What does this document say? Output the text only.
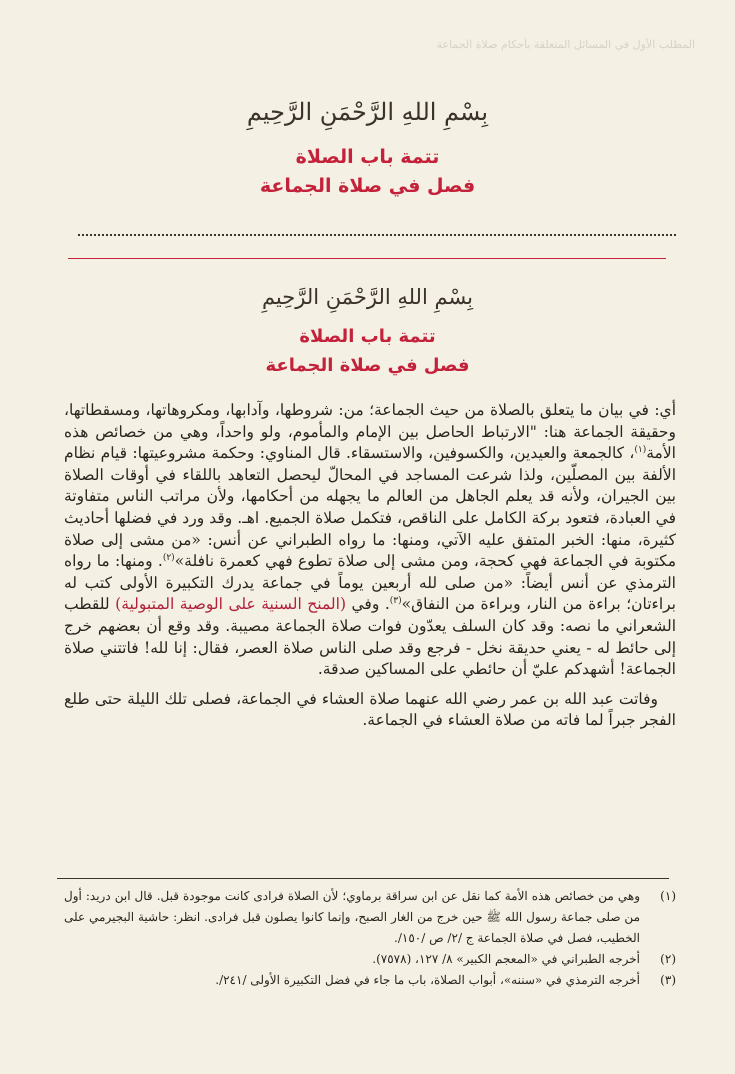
المطلب الأول في المسائل المتعلقة بأحكام صلاة الجماعة
بِسْمِ اللهِ الرَّحْمَنِ الرَّحِيمِ
تتمة باب الصلاة
فصل في صلاة الجماعة
بِسْمِ اللهِ الرَّحْمَنِ الرَّحِيمِ
تتمة باب الصلاة
فصل في صلاة الجماعة

أي: في بيان ما يتعلق بالصلاة من حيث الجماعة؛ من: شروطها، وآدابها، ومكروهاتها، ومسقطاتها، وحقيقة الجماعة هنا: "الارتباط الحاصل بين الإمام والمأموم، ولو واحداً، وهي من خصائص هذه الأمة$^{(١)}$، كالجمعة والعيدين، والكسوفين، والاستسقاء. قال المناوي: وحكمة مشروعيتها: قيام نظام الألفة بين المصلّين، ولذا شرعت المساجد في المحالّ ليحصل التعاهد باللقاء في أوقات الصلاة بين الجيران، ولأنه قد يعلم الجاهل من العالم ما يجهله من أحكامها، ولأن مراتب الناس متفاوتة في العبادة، فتعود بركة الكامل على الناقص، فتكمل صلاة الجميع. اهـ. وقد ورد في فضلها أحاديث كثيرة، منها: الخبر المتفق عليه الآتي، ومنها: ما رواه الطبراني عن أنس: «من مشى إلى صلاة مكتوبة في الجماعة فهي كحجة، ومن مشى إلى صلاة تطوع فهي كعمرة نافلة»$^{(٢)}$. ومنها: ما رواه الترمذي عن أنس أيضاً: «من صلى لله أربعين يوماً في جماعة يدرك التكبيرة الأولى كتب له براءتان؛ براءة من النار، وبراءة من النفاق»$^{(٣)}$. وفي (المنح السنية على الوصية المتبولية) للقطب الشعراني ما نصه: وقد كان السلف يعدّون فوات صلاة الجماعة مصيبة. وقد وقع أن بعضهم خرج إلى حائط له - يعني حديقة نخل - فرجع وقد صلى الناس صلاة العصر، فقال: إنا لله! فاتتني صلاة الجماعة! أشهدكم عليّ أن حائطي على المساكين صدقة.

وفاتت عبد الله بن عمر رضي الله عنهما صلاة العشاء في الجماعة، فصلى تلك الليلة حتى طلع الفجر جبراً لما فاته من صلاة العشاء في الجماعة.

(١)
وهي من خصائص هذه الأمة كما نقل عن ابن سراقة برماوي؛ لأن الصلاة فرادى كانت موجودة قبل. قال ابن دريد: أول من صلى جماعة رسول الله ﷺ حين خرج من الغار الصبح، وإنما كانوا يصلون قبل فرادى. انظر: حاشية البجيرمي على الخطيب، فصل في صلاة الجماعة ج /٢/ ص /١٥٠/.
(٢)
أخرجه الطبراني في «المعجم الكبير» ٨/ ١٢٧، (٧٥٧٨).
(٣)
أخرجه الترمذي في «سننه»، أبواب الصلاة، باب ما جاء في فضل التكبيرة الأولى /٢٤١/.
